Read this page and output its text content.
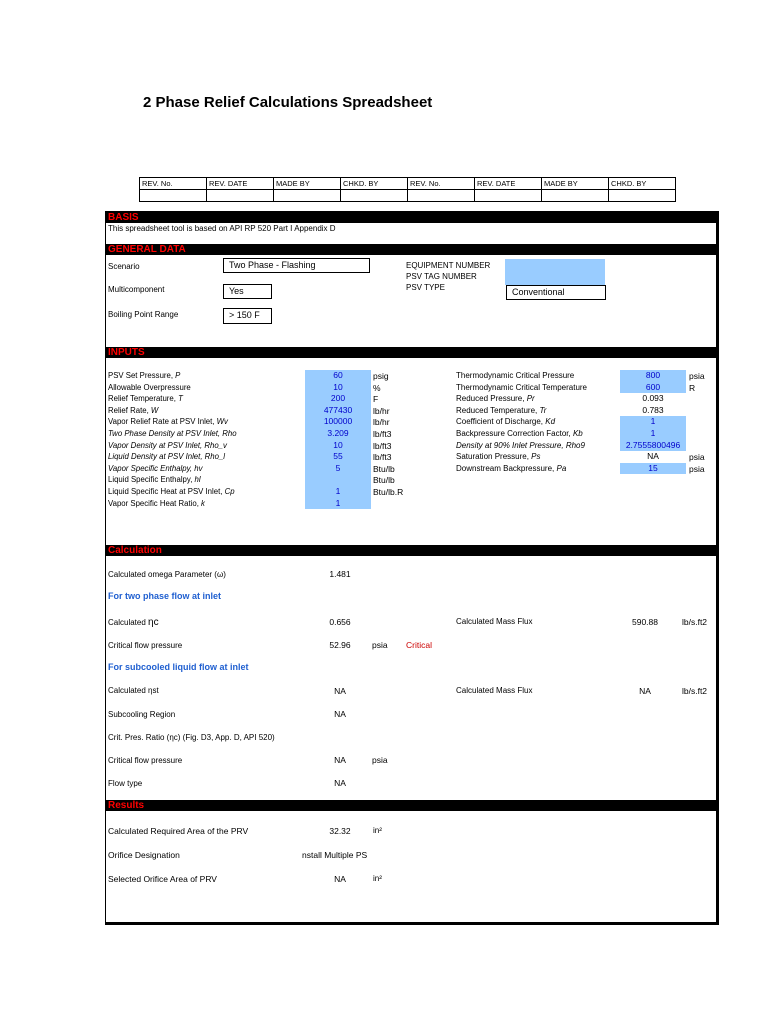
2 Phase Relief Calculations Spreadsheet
REV. No.	REV. DATE	MADE BY	CHKD. BY	REV. No.	REV. DATE	MADE BY	CHKD. BY

BASIS
This spreadsheet tool is based on API RP 520 Part I Appendix D
GENERAL DATA
Scenario	Two Phase - Flashing
Multicomponent	Yes
Boiling Point Range	> 150 F
EQUIPMENT NUMBER
PSV TAG NUMBER
PSV TYPE	Conventional
INPUTS
PSV Set Pressure, P	60	psig
Allowable Overpressure	10	%
Relief Temperature, T	200	F
Relief Rate, W	477430	lb/hr
Vapor Relief Rate at PSV Inlet, Wv	100000	lb/hr
Two Phase Density at PSV Inlet, Rho	3.209	lb/ft3
Vapor Density at PSV Inlet, Rho_v	10	lb/ft3
Liquid Density at PSV Inlet, Rho_l	55	lb/ft3
Vapor Specific Enthalpy, hv	5	Btu/lb
Liquid Specific Enthalpy, hl	Btu/lb
Liquid Specific Heat at PSV Inlet, Cp	1	Btu/lb.R
Vapor Specific Heat Ratio, k	1
Thermodynamic Critical Pressure	800	psia
Thermodynamic Critical Temperature	600	R
Reduced Pressure, Pr	0.093
Reduced Temperature, Tr	0.783
Coefficient of Discharge, Kd	1
Backpressure Correction Factor, Kb	1
Density at 90% Inlet Pressure, Rho9	2.7555800496
Saturation Pressure, Ps	NA	psia
Downstream Backpressure, Pa	15	psia
Calculation
Calculated omega Parameter (ω)	1.481
For two phase flow at inlet
Calculated ηc	0.656	Calculated Mass Flux	590.88	lb/s.ft2
Critical flow pressure	52.96	psia Critical
For subcooled liquid flow at inlet
Calculated ηst	NA	Calculated Mass Flux	NA	lb/s.ft2
Subcooling Region	NA
Crit. Pres. Ratio (ηc) (Fig. D3, App. D, API 520)
Critical flow pressure	NA	psia
Flow type	NA
Results
Calculated Required Area of the PRV	32.32	in²
Orifice Designation	nstall Multiple PS
Selected Orifice Area of PRV	NA	in²
